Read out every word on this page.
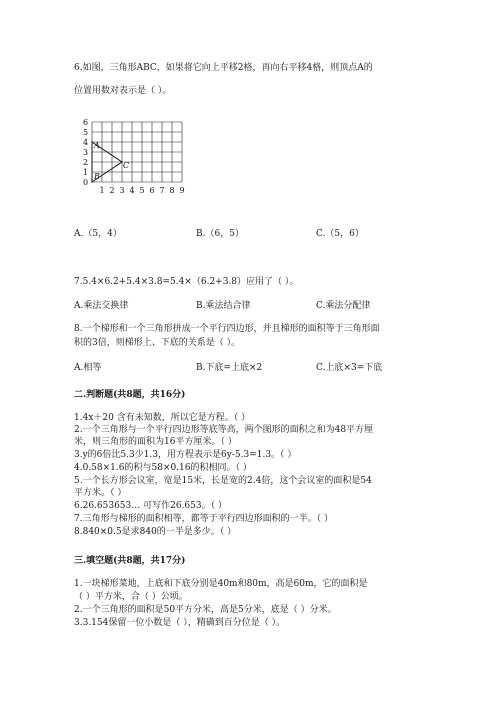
6.如图，三角形ABC，如果将它向上平移2格，再向右平移4格，则顶点A的
位置用数对表示是（ ）。
0
1
2
3
4
5
6
1 2 3 4 5 6 7 8 9
A
B
C
A.（5，4）	B.（6，5）	C.（5，6）
7.5.4×6.2+5.4×3.8=5.4×（6.2+3.8）应用了（ ）。
A.乘法交换律	B.乘法结合律	C.乘法分配律
8.一个梯形和一个三角形拼成一个平行四边形，并且梯形的面积等于三角形面
积的3倍，则梯形上、下底的关系是（ ）。
A.相等	B.下底=上底×2	C.上底×3=下底
二.判断题(共8题，共16分)
1.4x＋20 含有未知数，所以它是方程。（ ）
2.一个三角形与一个平行四边形等底等高，两个图形的面积之和为48平方厘
米，则三角形的面积为16平方厘米。（ ）
3.y的6倍比5.3少1.3，用方程表示是6y-5.3=1.3。（ ）
4.0.58×1.6的积与58×0.16的积相同。（ ）
5.一个长方形会议室，宽是15米，长是宽的2.4倍，这个会议室的面积是54
平方米。（ ）
6.26.653653… 可写作26.653。（ ）
7.三角形与梯形的面积相等，都等于平行四边形面积的一半。（ ）
8.840×0.5是求840的一半是多少。（ ）
三.填空题(共8题，共17分)
1.一块梯形菜地，上底和下底分别是40m和80m，高是60m，它的面积是
（ ）平方米，合（ ）公顷。
2.一个三角形的面积是50平方分米，高是5分米，底是（ ）分米。
3.3.154保留一位小数是（ ），精确到百分位是（ ）。
